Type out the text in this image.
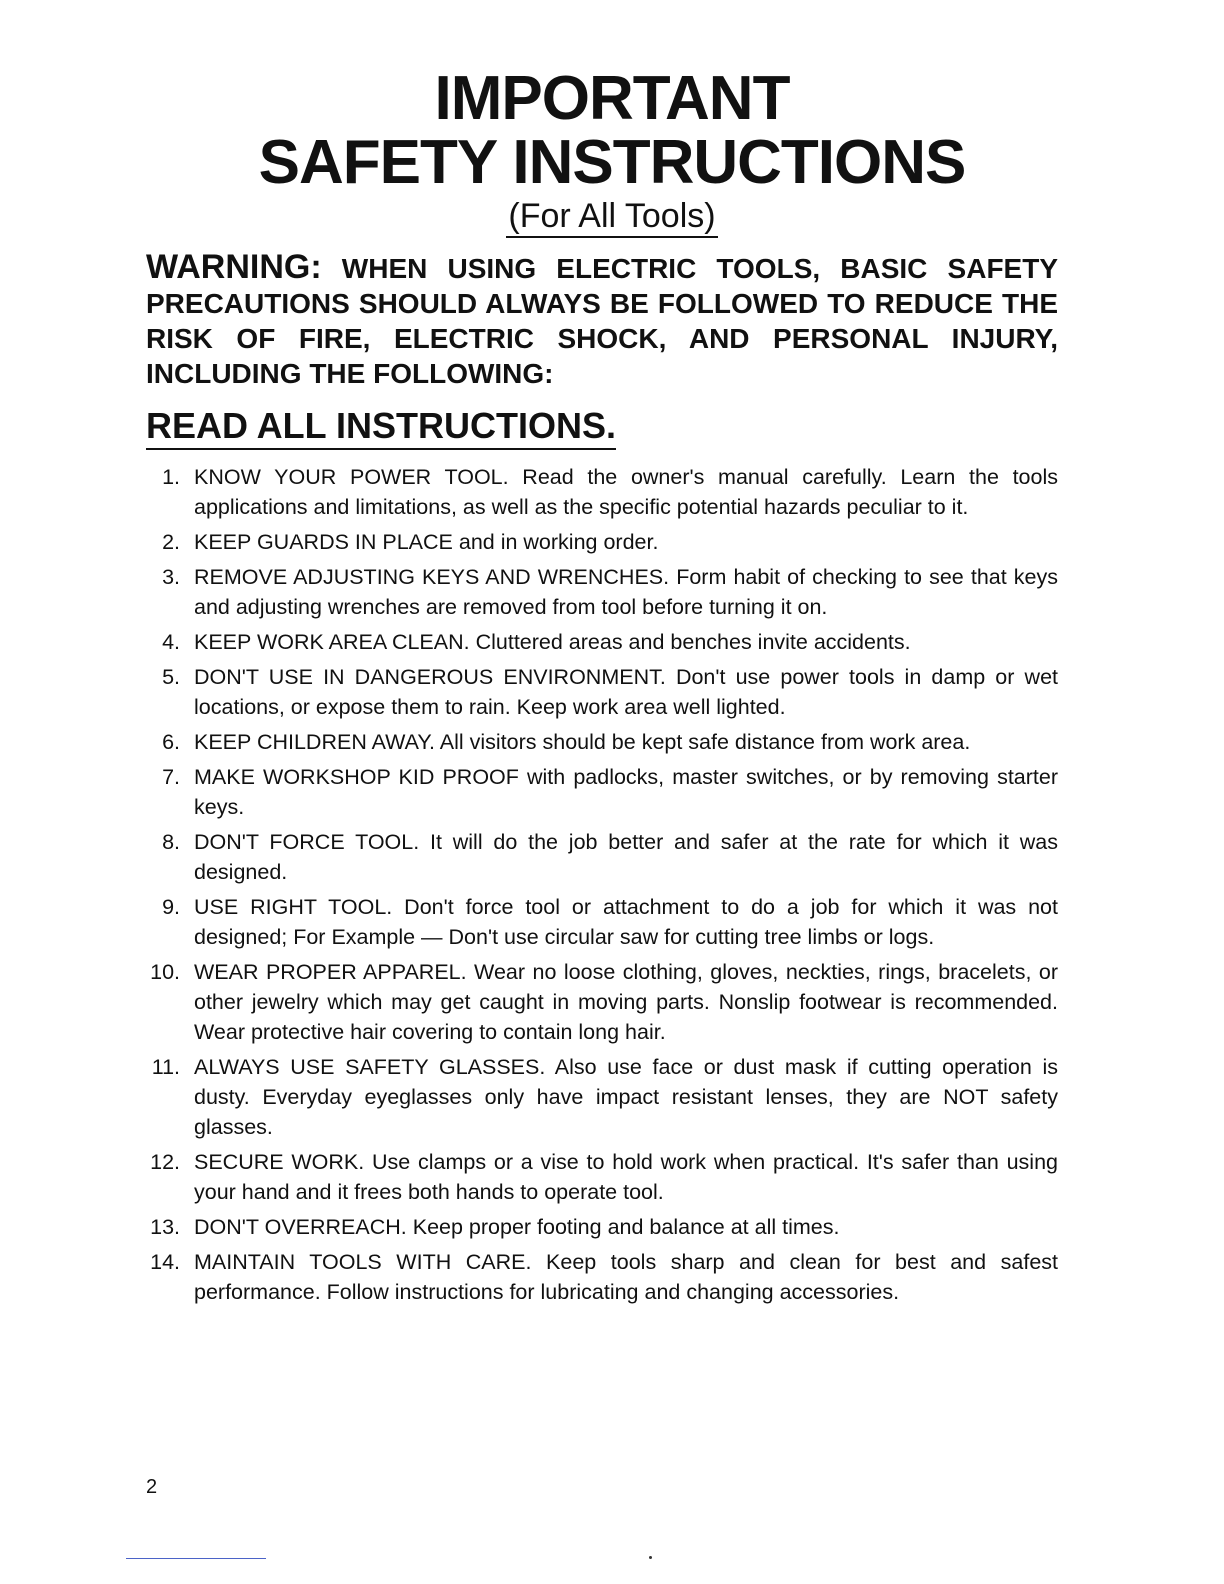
IMPORTANT
SAFETY INSTRUCTIONS
(For All Tools)
WARNING: WHEN USING ELECTRIC TOOLS, BASIC SAFETY PRECAUTIONS SHOULD ALWAYS BE FOLLOWED TO REDUCE THE RISK OF FIRE, ELECTRIC SHOCK, AND PERSONAL INJURY, INCLUDING THE FOLLOWING:
READ ALL INSTRUCTIONS.
1. KNOW YOUR POWER TOOL. Read the owner's manual carefully. Learn the tools applications and limitations, as well as the specific potential hazards peculiar to it.
2. KEEP GUARDS IN PLACE and in working order.
3. REMOVE ADJUSTING KEYS AND WRENCHES. Form habit of checking to see that keys and adjusting wrenches are removed from tool before turning it on.
4. KEEP WORK AREA CLEAN. Cluttered areas and benches invite accidents.
5. DON'T USE IN DANGEROUS ENVIRONMENT. Don't use power tools in damp or wet locations, or expose them to rain. Keep work area well lighted.
6. KEEP CHILDREN AWAY. All visitors should be kept safe distance from work area.
7. MAKE WORKSHOP KID PROOF with padlocks, master switches, or by removing starter keys.
8. DON'T FORCE TOOL. It will do the job better and safer at the rate for which it was designed.
9. USE RIGHT TOOL. Don't force tool or attachment to do a job for which it was not designed; For Example — Don't use circular saw for cutting tree limbs or logs.
10. WEAR PROPER APPAREL. Wear no loose clothing, gloves, neckties, rings, bracelets, or other jewelry which may get caught in moving parts. Nonslip footwear is recommended. Wear protective hair covering to contain long hair.
11. ALWAYS USE SAFETY GLASSES. Also use face or dust mask if cutting operation is dusty. Everyday eyeglasses only have impact resistant lenses, they are NOT safety glasses.
12. SECURE WORK. Use clamps or a vise to hold work when practical. It's safer than using your hand and it frees both hands to operate tool.
13. DON'T OVERREACH. Keep proper footing and balance at all times.
14. MAINTAIN TOOLS WITH CARE. Keep tools sharp and clean for best and safest performance. Follow instructions for lubricating and changing accessories.
2
